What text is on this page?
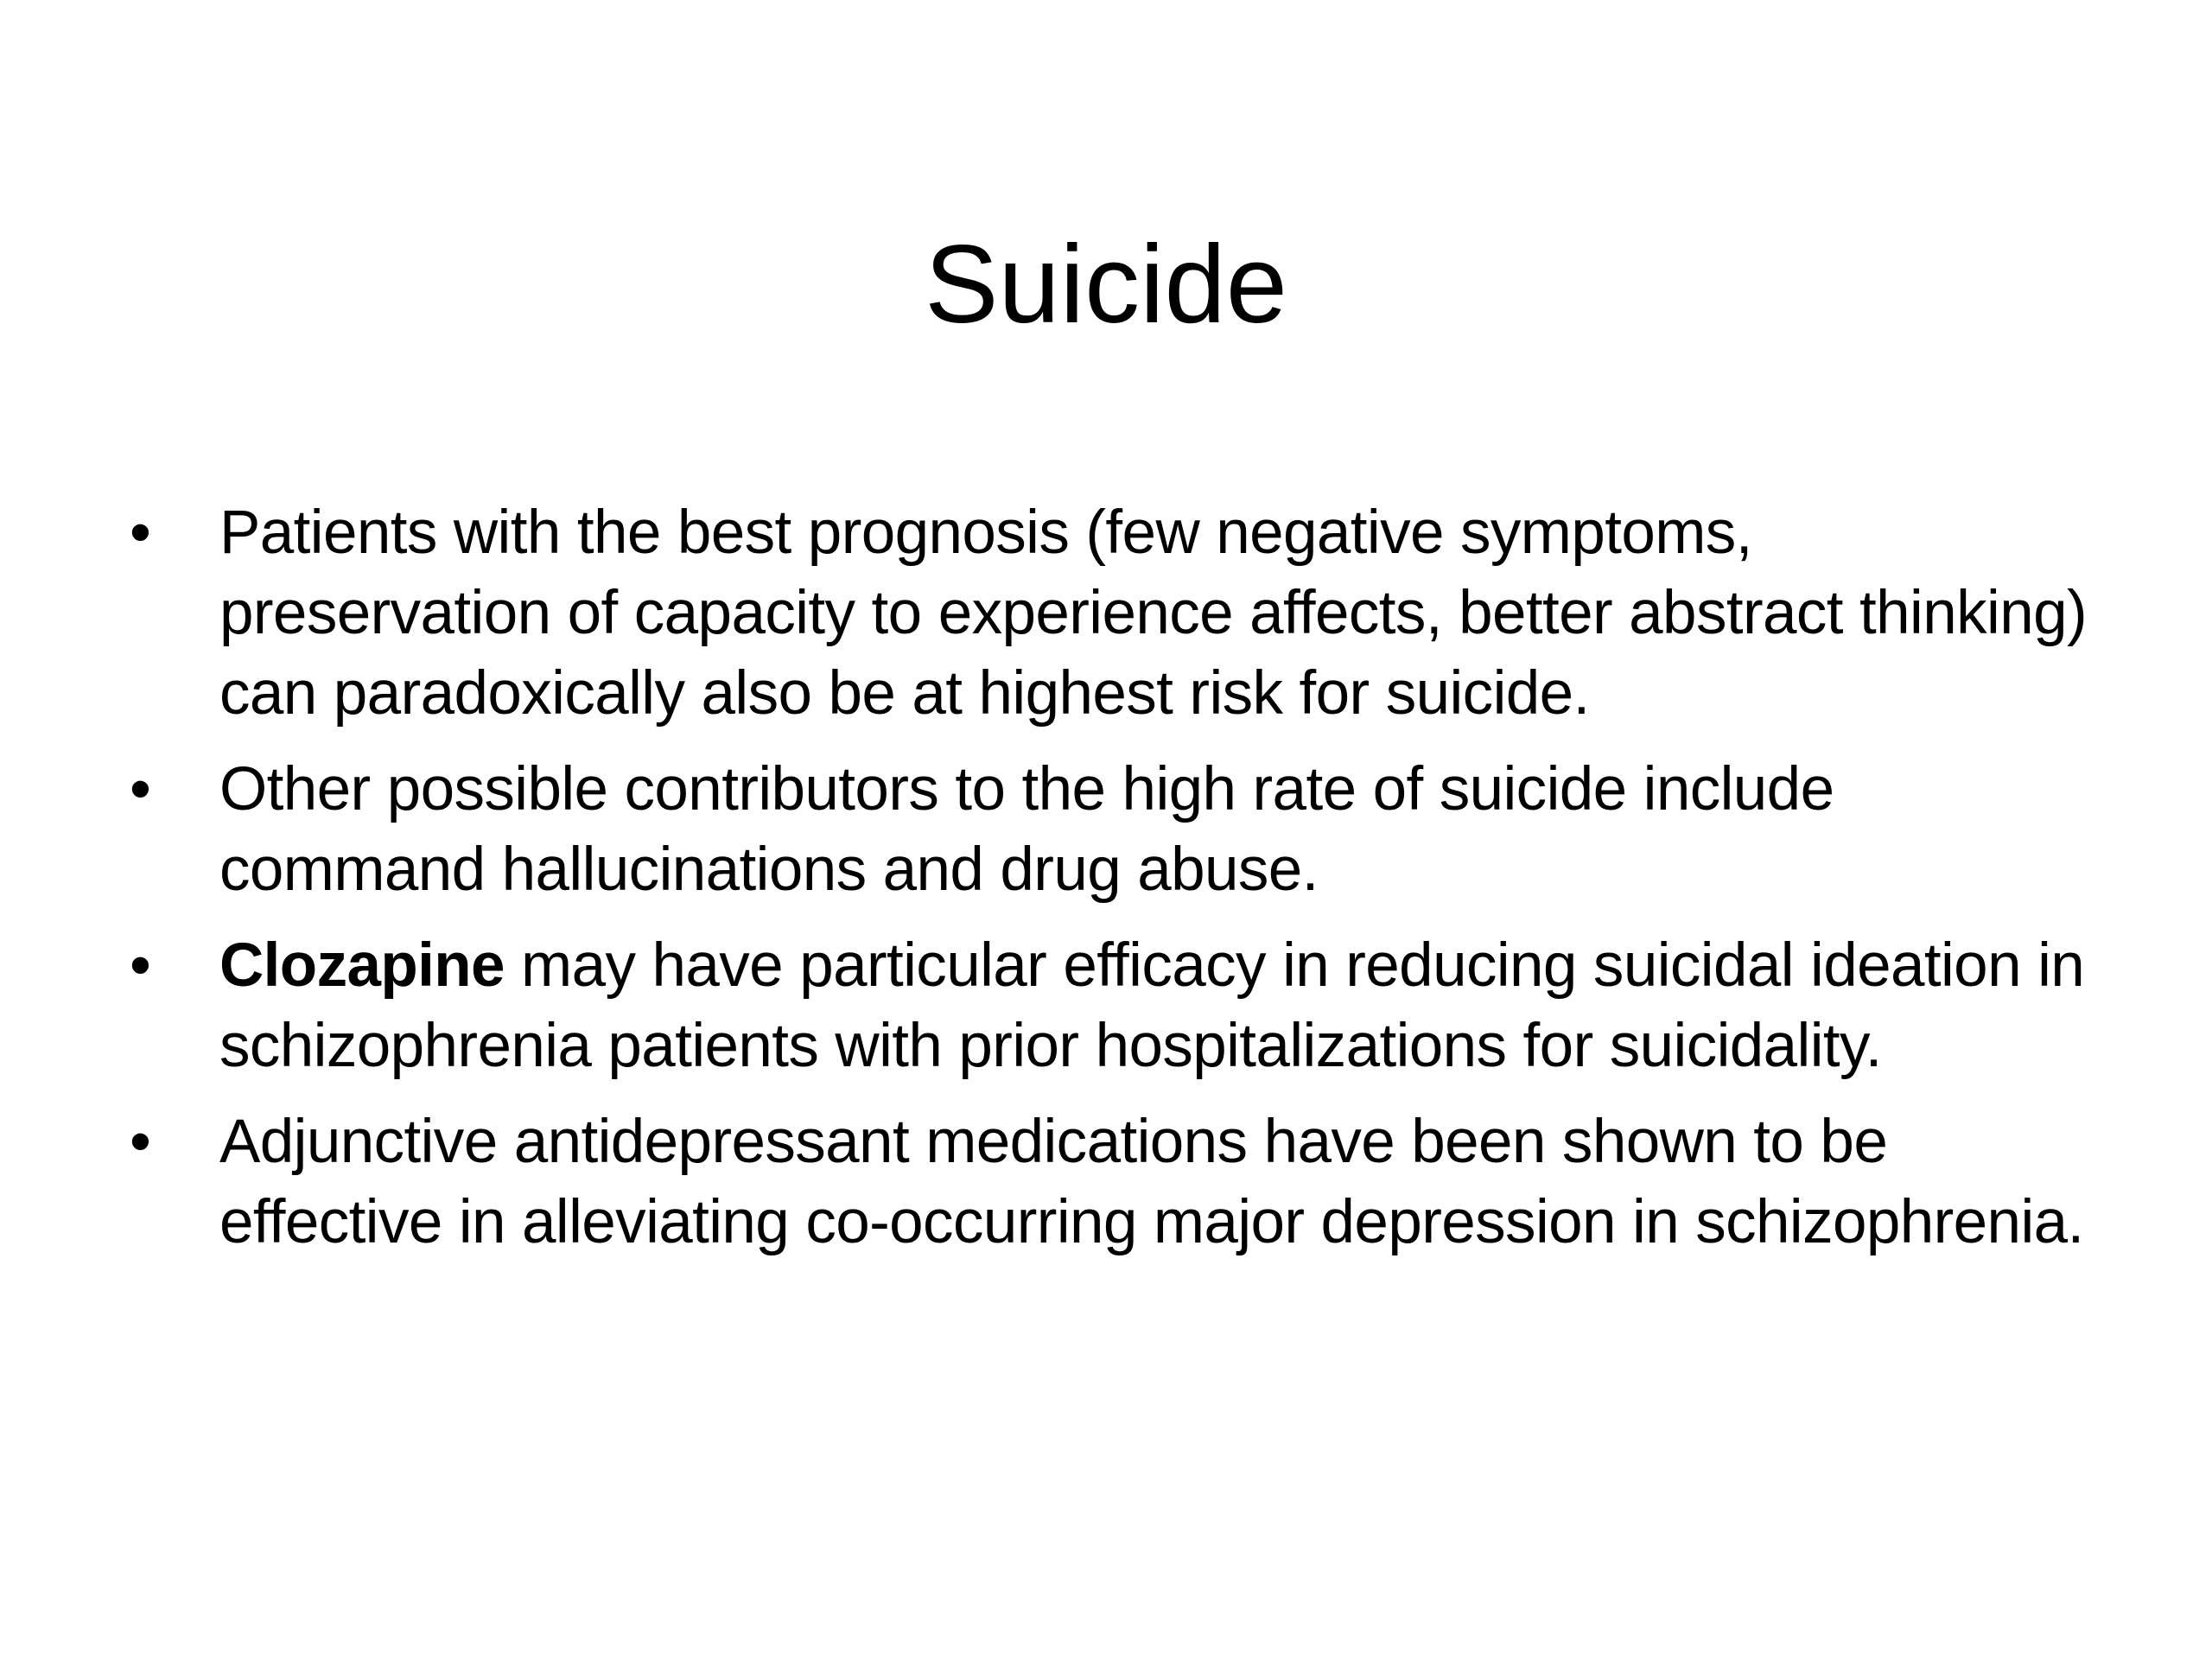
Suicide
• Patients with the best prognosis (few negative symptoms, preservation of capacity to experience affects, better abstract thinking) can paradoxically also be at highest risk for suicide.
• Other possible contributors to the high rate of suicide include command hallucinations and drug abuse.
• Clozapine may have particular efficacy in reducing suicidal ideation in schizophrenia patients with prior hospitalizations for suicidality.
• Adjunctive antidepressant medications have been shown to be effective in alleviating co-occurring major depression in schizophrenia.
